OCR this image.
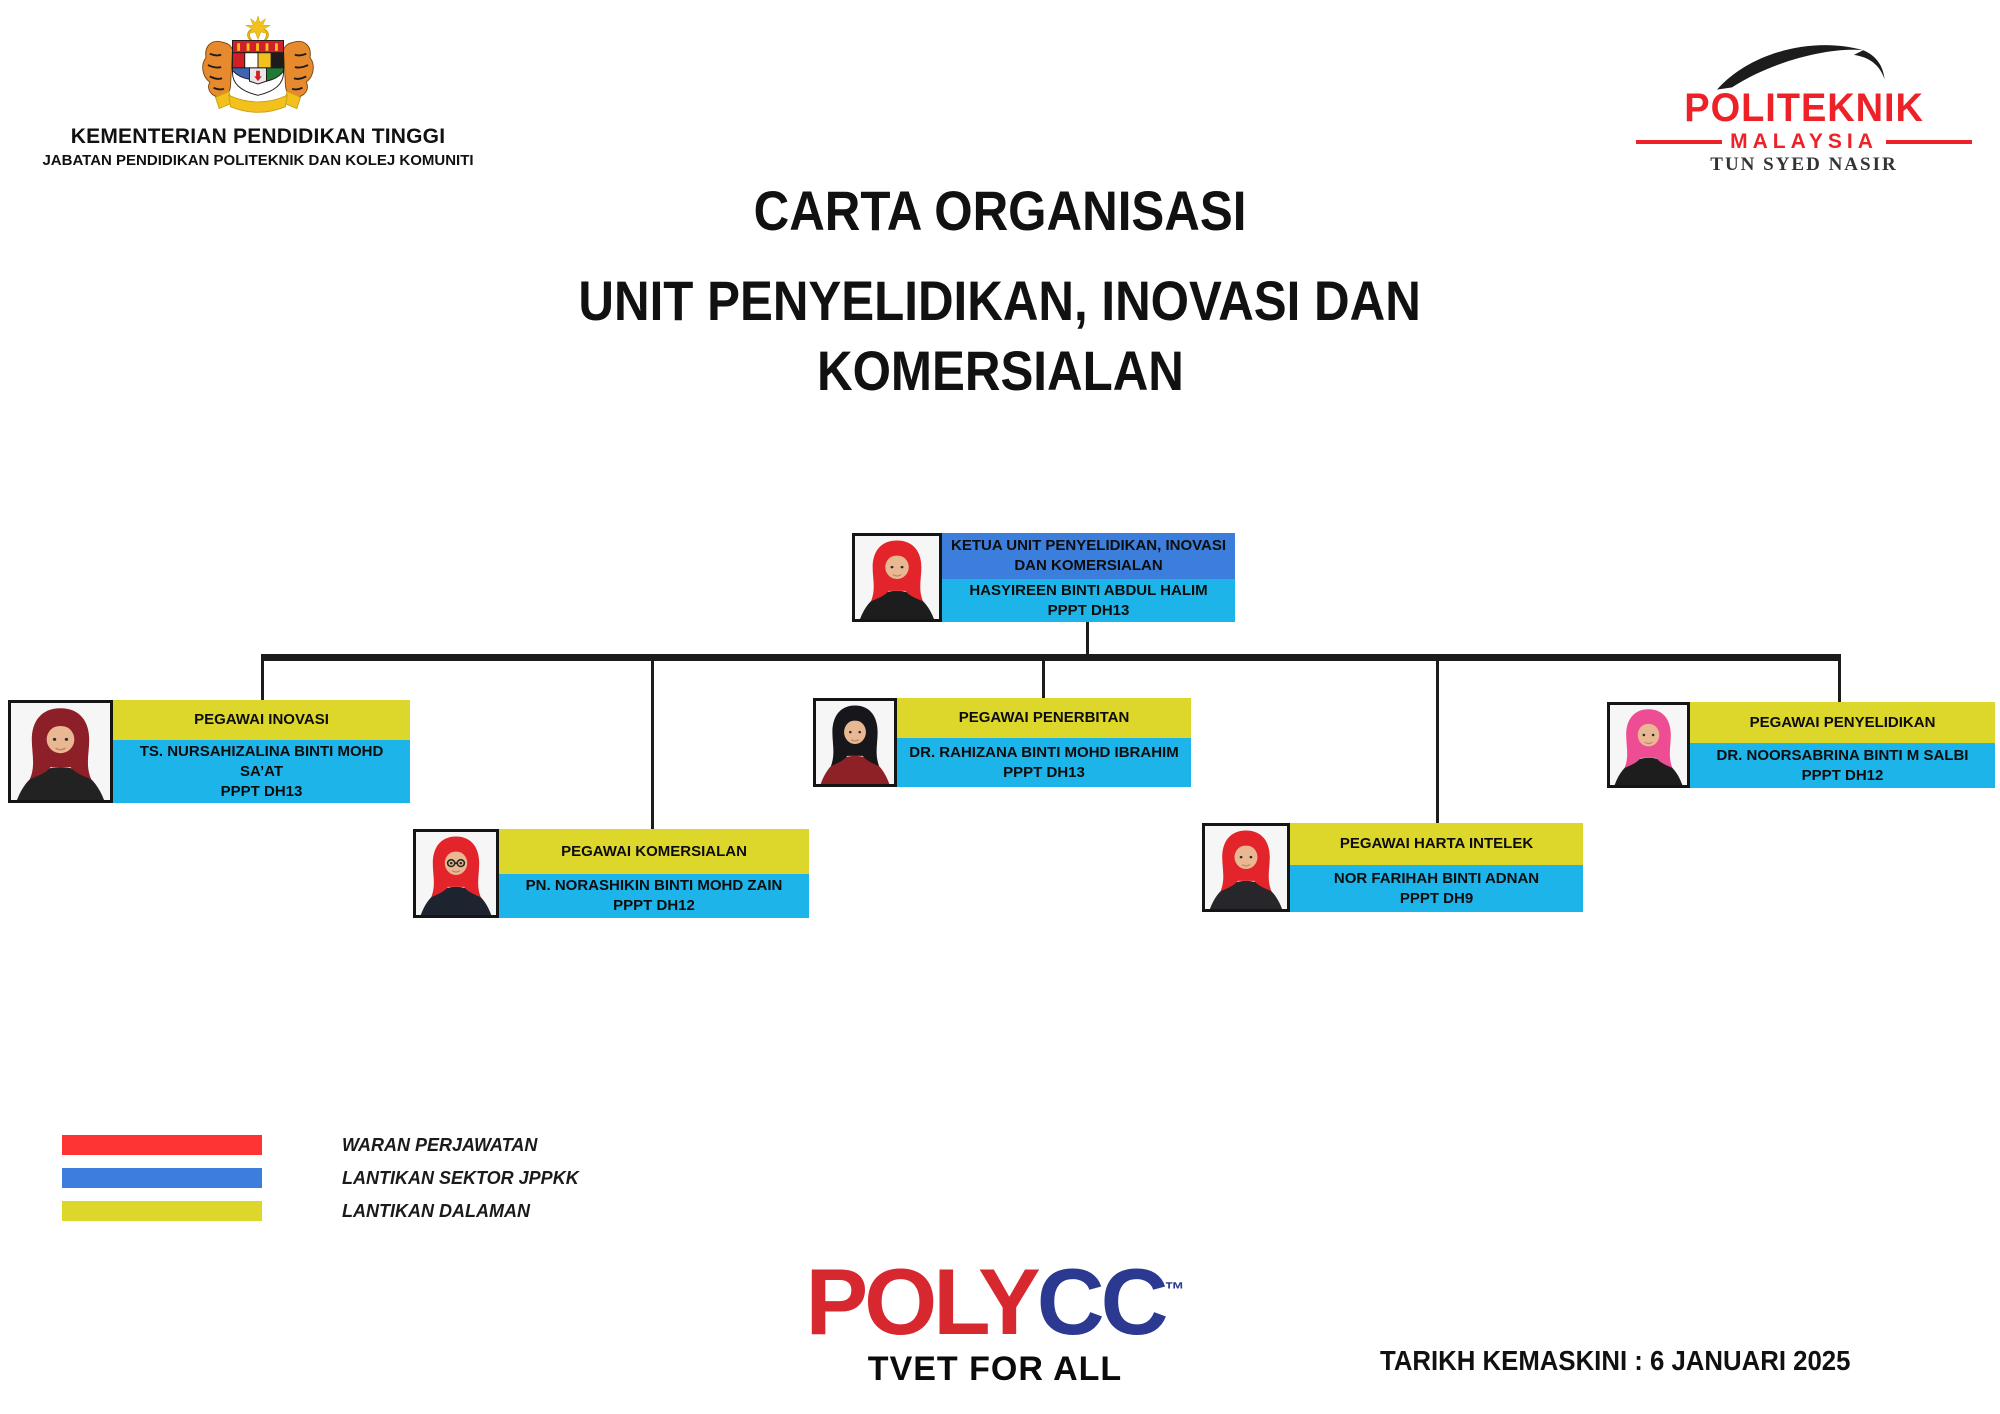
KEMENTERIAN PENDIDIKAN TINGGI
JABATAN PENDIDIKAN POLITEKNIK DAN KOLEJ KOMUNITI
POLITEKNIK
MALAYSIA
TUN SYED NASIR
CARTA ORGANISASI
UNIT PENYELIDIKAN, INOVASI DAN
KOMERSIALAN
KETUA UNIT PENYELIDIKAN, INOVASI DAN KOMERSIALAN
HASYIREEN BINTI ABDUL HALIM
PPPT DH13
PEGAWAI INOVASI
TS. NURSAHIZALINA BINTI MOHD
SA’AT
PPPT DH13
PEGAWAI KOMERSIALAN
PN. NORASHIKIN BINTI MOHD ZAIN
PPPT DH12
PEGAWAI PENERBITAN
DR. RAHIZANA BINTI MOHD IBRAHIM
PPPT DH13
PEGAWAI HARTA INTELEK
NOR FARIHAH BINTI ADNAN
PPPT DH9
PEGAWAI PENYELIDIKAN
DR. NOORSABRINA BINTI M SALBI
PPPT DH12
WARAN PERJAWATAN
LANTIKAN SEKTOR JPPKK
LANTIKAN DALAMAN
POLYCC™
TVET FOR ALL	TARIKH KEMASKINI : 6 JANUARI 2025
